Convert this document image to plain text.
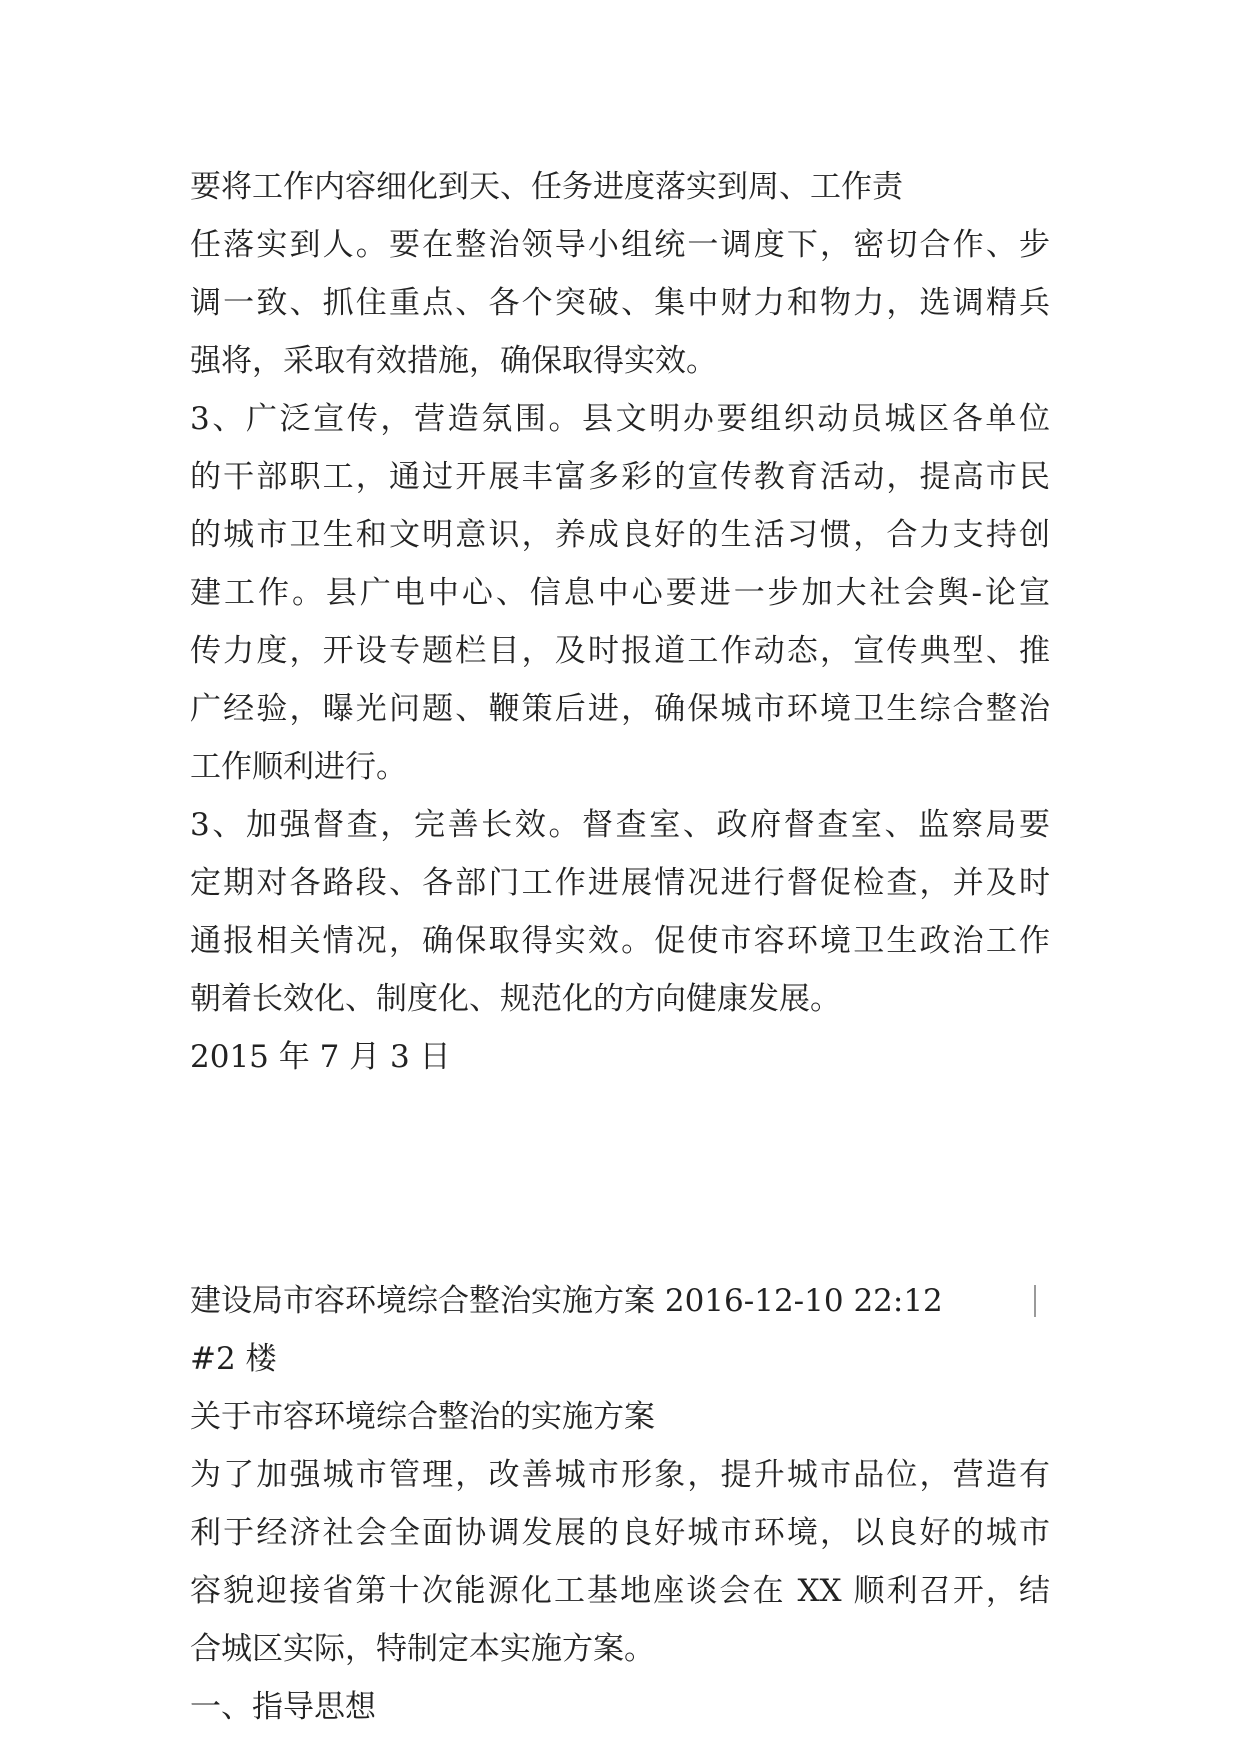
要将工作内容细化到天、任务进度落实到周、工作责
任落实到人。要在整治领导小组统一调度下，密切合作、步
调一致、抓住重点、各个突破、集中财力和物力，选调精兵
强将，采取有效措施，确保取得实效。
3、广泛宣传，营造氛围。县文明办要组织动员城区各单位
的干部职工，通过开展丰富多彩的宣传教育活动，提高市民
的城市卫生和文明意识，养成良好的生活习惯，合力支持创
建工作。县广电中心、信息中心要进一步加大社会舆-论宣
传力度，开设专题栏目，及时报道工作动态，宣传典型、推
广经验，曝光问题、鞭策后进，确保城市环境卫生综合整治
工作顺利进行。
3、加强督查，完善长效。督查室、政府督查室、监察局要
定期对各路段、各部门工作进展情况进行督促检查，并及时
通报相关情况，确保取得实效。促使市容环境卫生政治工作
朝着长效化、制度化、规范化的方向健康发展。
2015 年 7 月 3 日
建设局市容环境综合整治实施方案 2016-12-10 22:12
#2 楼
关于市容环境综合整治的实施方案
为了加强城市管理，改善城市形象，提升城市品位，营造有
利于经济社会全面协调发展的良好城市环境，以良好的城市
容貌迎接省第十次能源化工基地座谈会在 XX 顺利召开，结
合城区实际，特制定本实施方案。
一、指导思想
